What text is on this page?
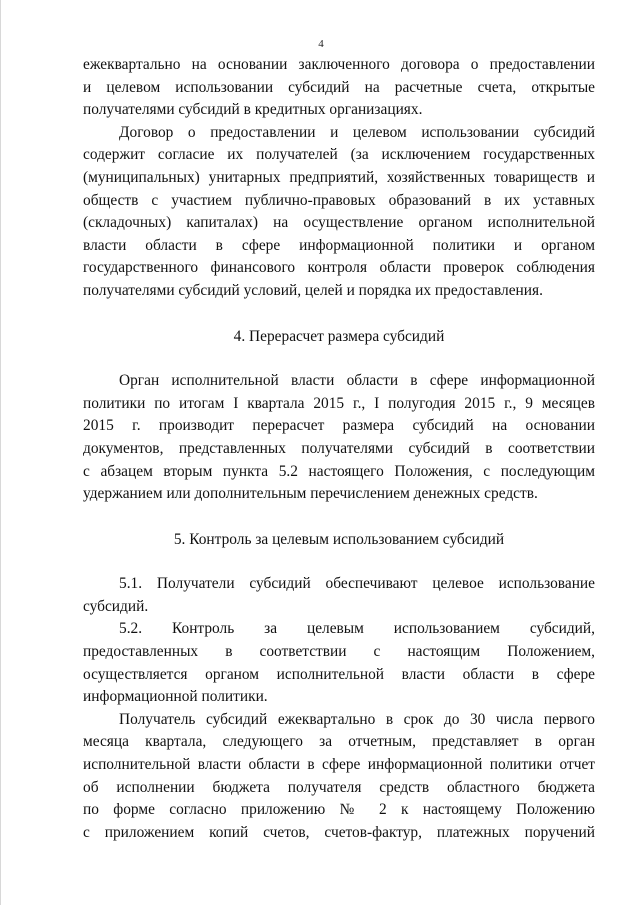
4
ежеквартально на основании заключенного договора о предоставлении
и целевом использовании субсидий на расчетные счета, открытые
получателями субсидий в кредитных организациях.
Договор о предоставлении и целевом использовании субсидий
содержит согласие их получателей (за исключением государственных
(муниципальных) унитарных предприятий, хозяйственных товариществ и
обществ с участием публично-правовых образований в их уставных
(складочных) капиталах) на осуществление органом исполнительной
власти области в сфере информационной политики и органом
государственного финансового контроля области проверок соблюдения
получателями субсидий условий, целей и порядка их предоставления.

4. Перерасчет размера субсидий

Орган исполнительной власти области в сфере информационной
политики по итогам I квартала 2015 г., I полугодия 2015 г., 9 месяцев
2015 г. производит перерасчет размера субсидий на основании
документов, представленных получателями субсидий в соответствии
с абзацем вторым пункта 5.2 настоящего Положения, с последующим
удержанием или дополнительным перечислением денежных средств.

5. Контроль за целевым использованием субсидий

5.1. Получатели субсидий обеспечивают целевое использование
субсидий.
5.2. Контроль за целевым использованием субсидий,
предоставленных в соответствии с настоящим Положением,
осуществляется органом исполнительной власти области в сфере
информационной политики.
Получатель субсидий ежеквартально в срок до 30 числа первого
месяца квартала, следующего за отчетным, представляет в орган
исполнительной власти области в сфере информационной политики отчет
об исполнении бюджета получателя средств областного бюджета
по форме согласно приложению № 2 к настоящему Положению
с приложением копий счетов, счетов-фактур, платежных поручений
